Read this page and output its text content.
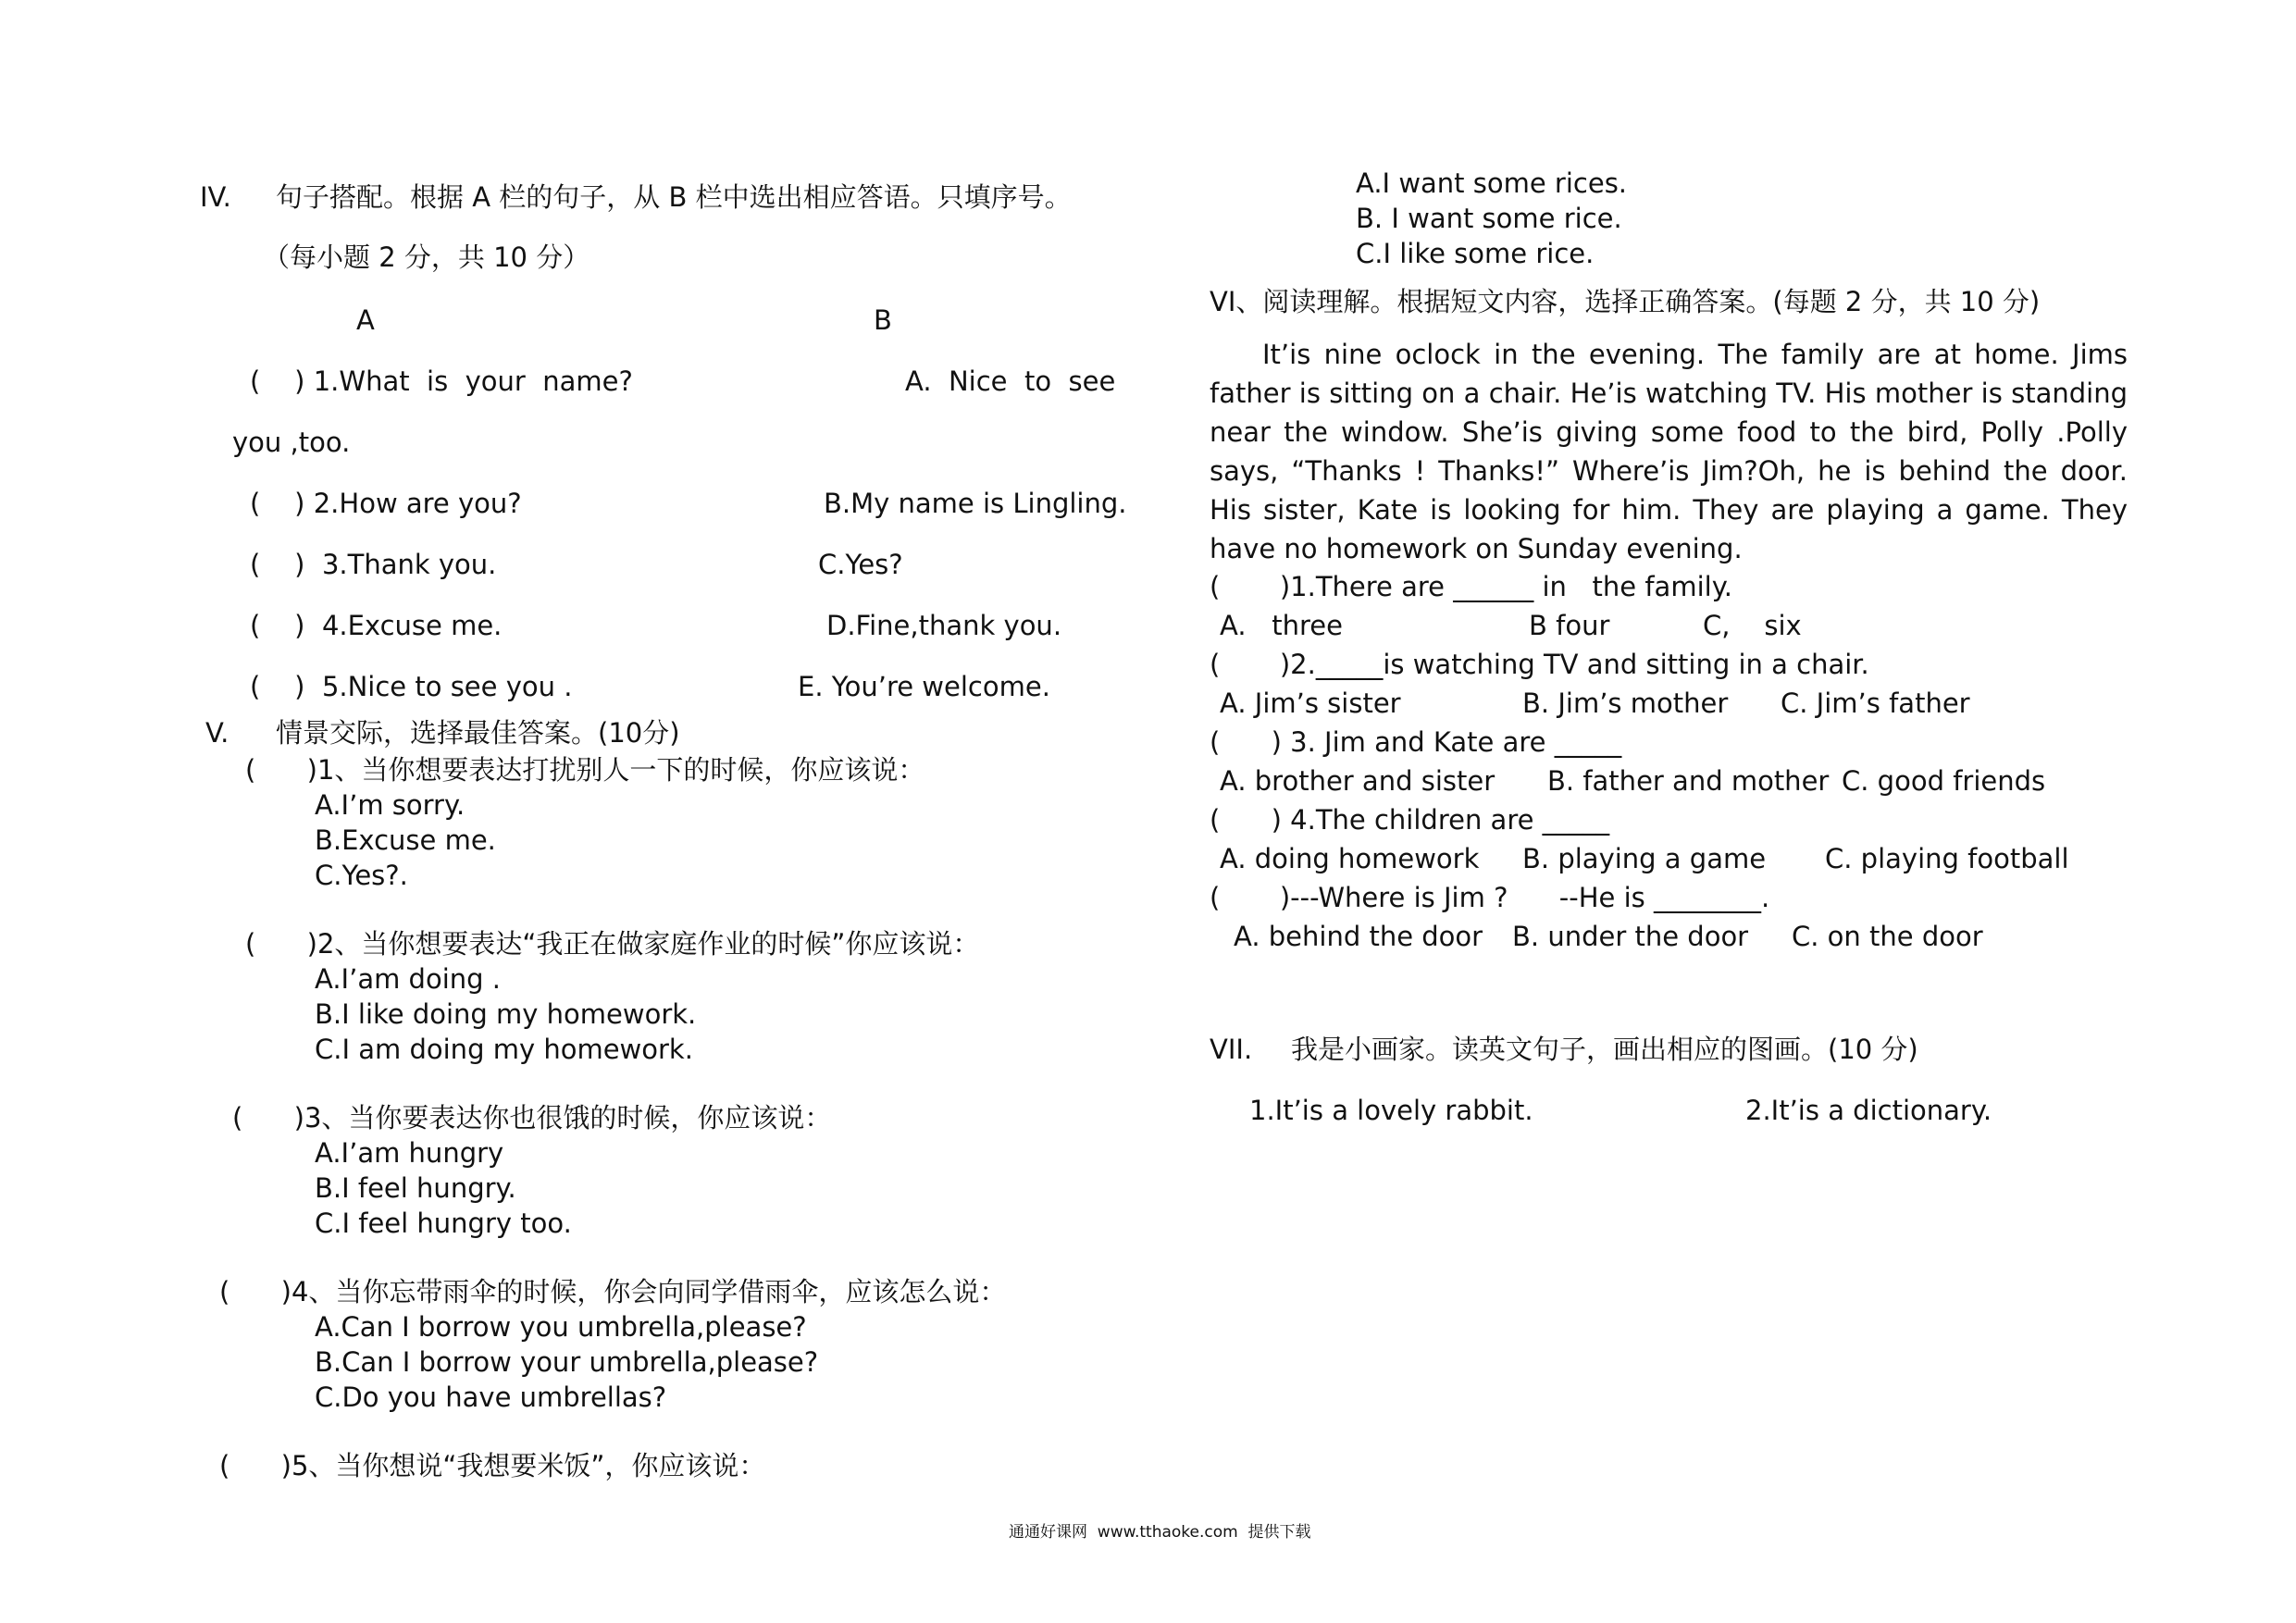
IV. 句子搭配。根据 A 栏的句子，从 B 栏中选出相应答语。只填序号。
（每小题 2 分，共 10 分）
A	B
(    ) 1.What  is  your  name?	A.  Nice  to  see
you ,too.
(    ) 2.How are you?	B.My name is Lingling.
(    )  3.Thank you.	C.Yes?
(    )  4.Excuse me.	D.Fine,thank you.
(    )  5.Nice to see you .	E. You’re welcome.
V. 情景交际，选择最佳答案。(10分)
(      )1、当你想要表达打扰别人一下的时候，你应该说：
A.I’m sorry.
B.Excuse me.
C.Yes?.
(      )2、当你想要表达“我正在做家庭作业的时候”你应该说：
A.I’am doing .
B.I like doing my homework.
C.I am doing my homework.
(      )3、当你要表达你也很饿的时候，你应该说：
A.I’am hungry
B.I feel hungry.
C.I feel hungry too.
(      )4、当你忘带雨伞的时候，你会向同学借雨伞，应该怎么说：
A.Can I borrow you umbrella,please?
B.Can I borrow your umbrella,please?
C.Do you have umbrellas?
(      )5、当你想说“我想要米饭”，你应该说：
A.I want some rices.
B. I want some rice.
C.I like some rice.
VI、阅读理解。根据短文内容，选择正确答案。(每题 2 分，共 10 分)
It’is nine oclock in the evening. The family are at home. Jims father is sitting on a chair. He’is watching TV. His mother is standing near the window. She’is giving some food to the bird, Polly .Polly says, “Thanks ! Thanks!” Where’is Jim?Oh, he is behind the door. His sister, Kate is looking for him. They are playing a game. They have no homework on Sunday evening.
(       )1.There are ______ in   the family.
A.   three	B four	C,    six
(       )2._____is watching TV and sitting in a chair.
A. Jim’s sister	B. Jim’s mother C. Jim’s father
(      ) 3. Jim and Kate are _____
A. brother and sister B. father and mother C. good friends
(      ) 4.The children are _____
A. doing homework B. playing a game C. playing football
(       )---Where is Jim ?      --He is ________.
A. behind the door B. under the door C. on the door
VII. 我是小画家。读英文句子，画出相应的图画。(10 分)
1.It’is a lovely rabbit.	2.It’is a dictionary.
通通好课网  www.tthaoke.com  提供下载
